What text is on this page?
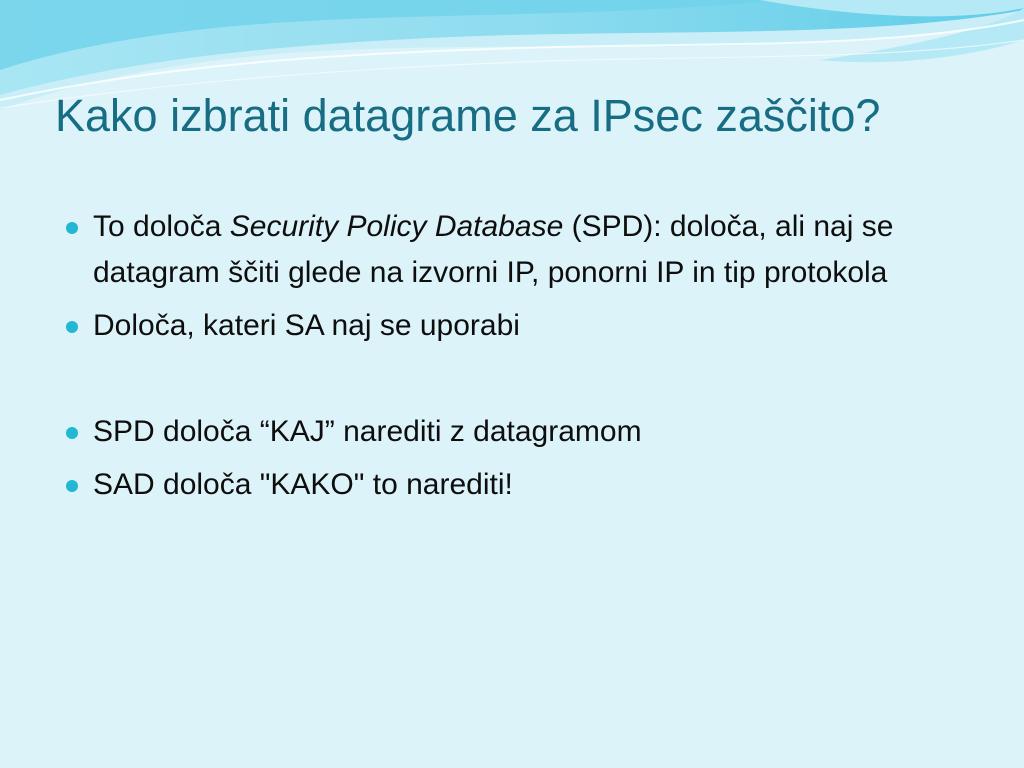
Kako izbrati datagrame za IPsec zaščito?
To določa Security Policy Database (SPD): določa, ali naj se datagram ščiti glede na izvorni IP, ponorni IP in tip protokola
Določa, kateri SA naj se uporabi
SPD določa “KAJ” narediti z datagramom
SAD določa "KAKO" to narediti!
